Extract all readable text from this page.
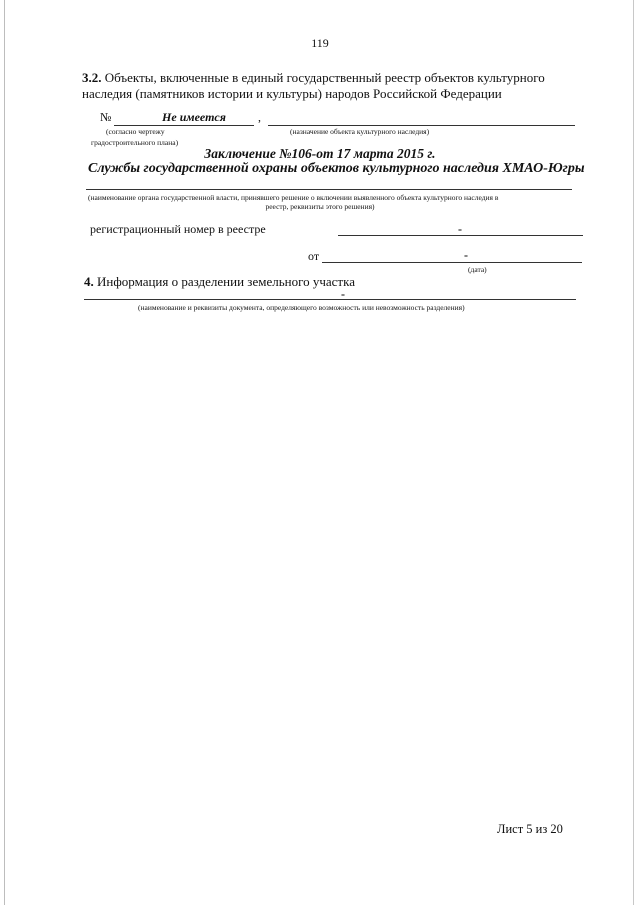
119
3.2. Объекты, включенные в единый государственный реестр объектов культурного
наследия (памятников истории и культуры) народов Российской Федерации
№	Не имеется	,
(согласно чертежу
градостроительного плана)
(назначение объекта культурного наследия)
Заключение №106-от 17 марта 2015 г.
Службы государственной охраны объектов культурного наследия ХМАО-Югры
(наименование органа государственной власти, принявшего решение о включении выявленного объекта культурного наследия в
реестр, реквизиты этого решения)
регистрационный номер в реестре	-
от	-
(дата)
4. Информация о разделении земельного участка
-
(наименование и реквизиты документа, определяющего возможность или невозможность разделения)
Лист 5 из 20
